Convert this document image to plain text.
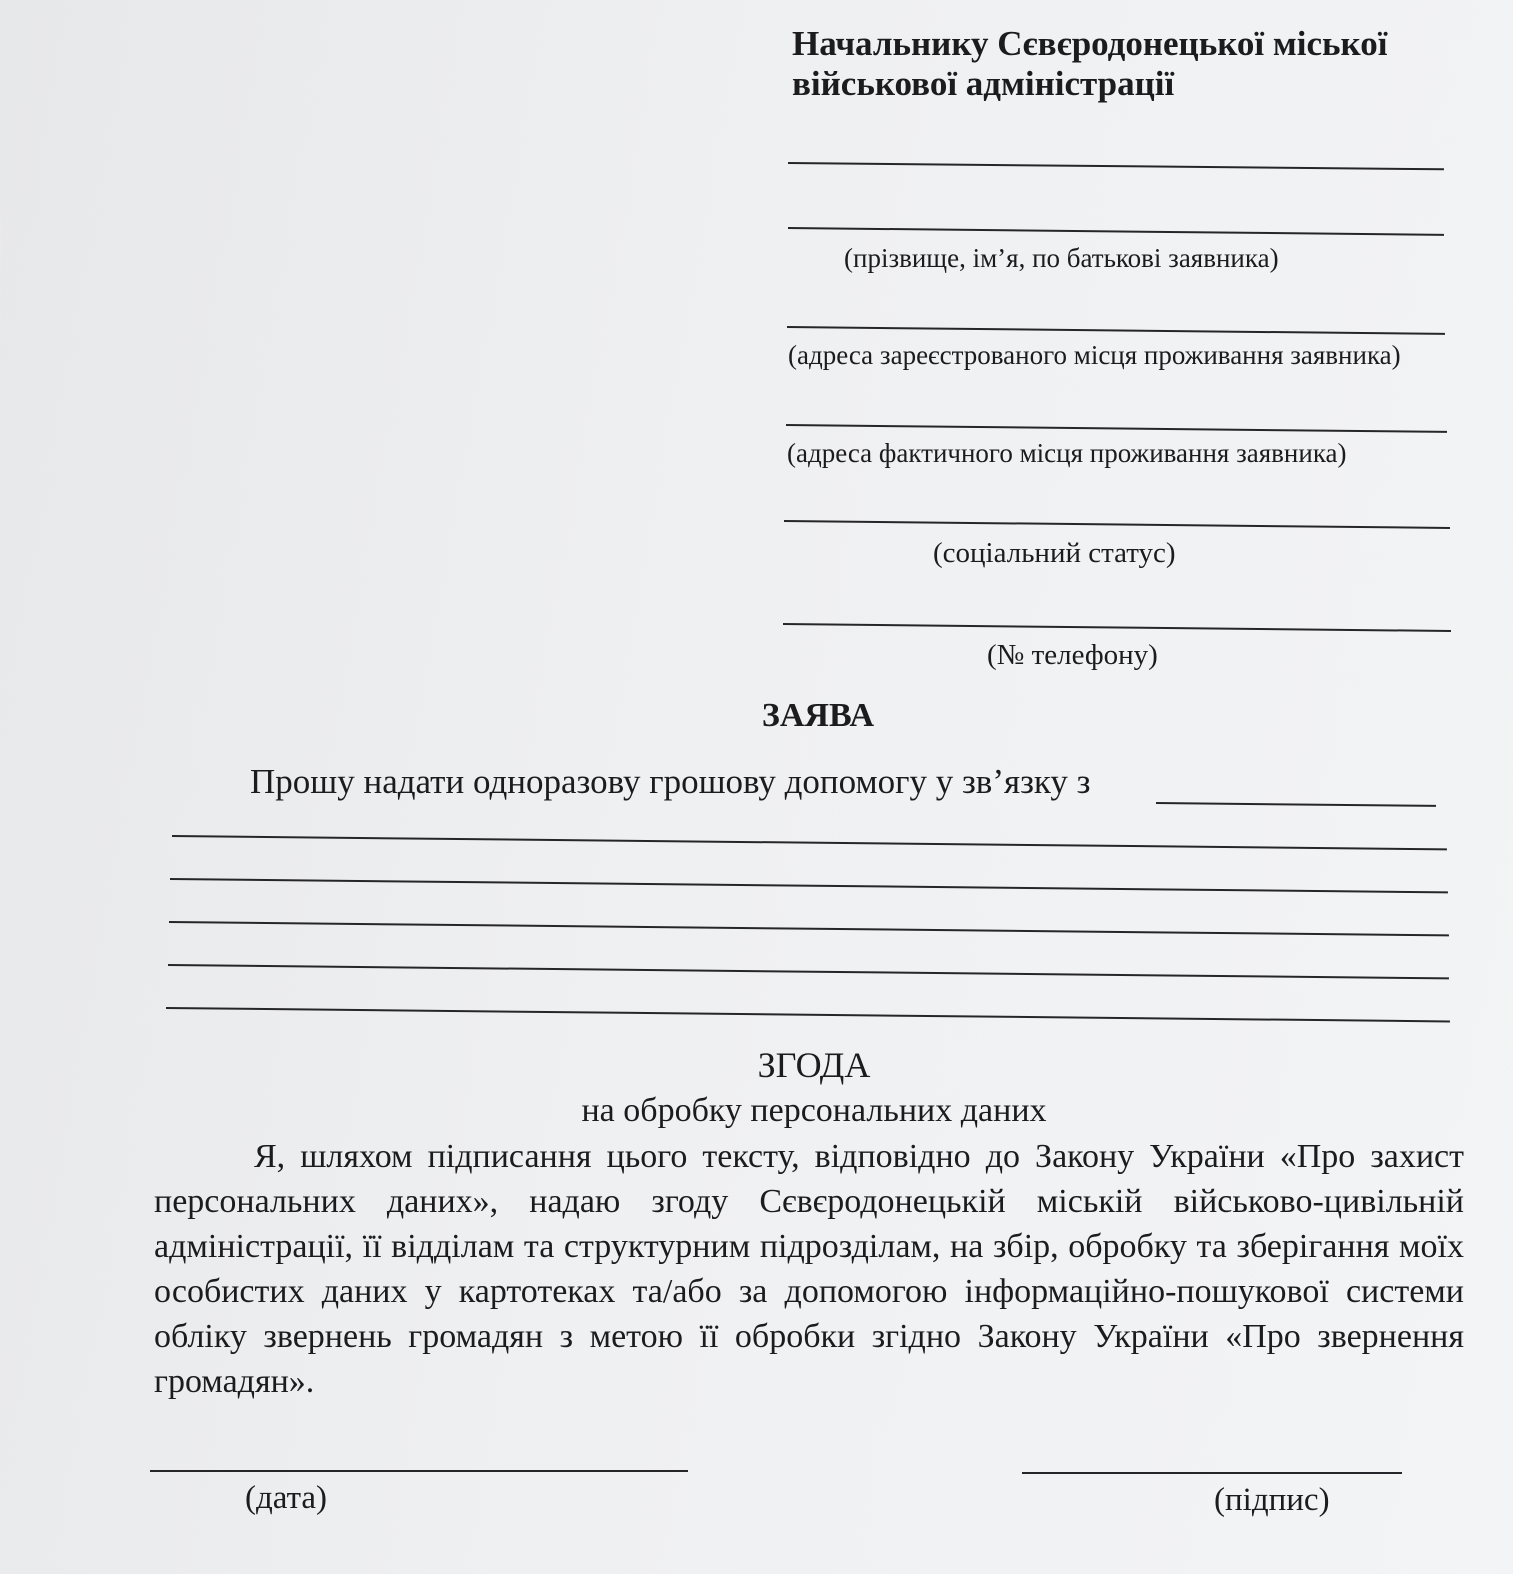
Начальнику Сєвєродонецької міської військової адміністрації
(прізвище, ім’я, по батькові заявника)
(адреса зареєстрованого місця проживання заявника)
(адреса фактичного місця проживання заявника)
(соціальний статус)
(№ телефону)
ЗАЯВА
Прошу надати одноразову грошову допомогу у зв’язку з
ЗГОДА
на обробку персональних даних
Я, шляхом підписання цього тексту, відповідно до Закону України «Про захист персональних даних», надаю згоду Сєвєродонецькій міській військово-цивільній адміністрації, її відділам та структурним підрозділам, на збір, обробку та зберігання моїх особистих даних у картотеках та/або за допомогою інформаційно-пошукової системи обліку звернень громадян з метою її обробки згідно Закону України «Про звернення громадян».
(дата)	(підпис)
